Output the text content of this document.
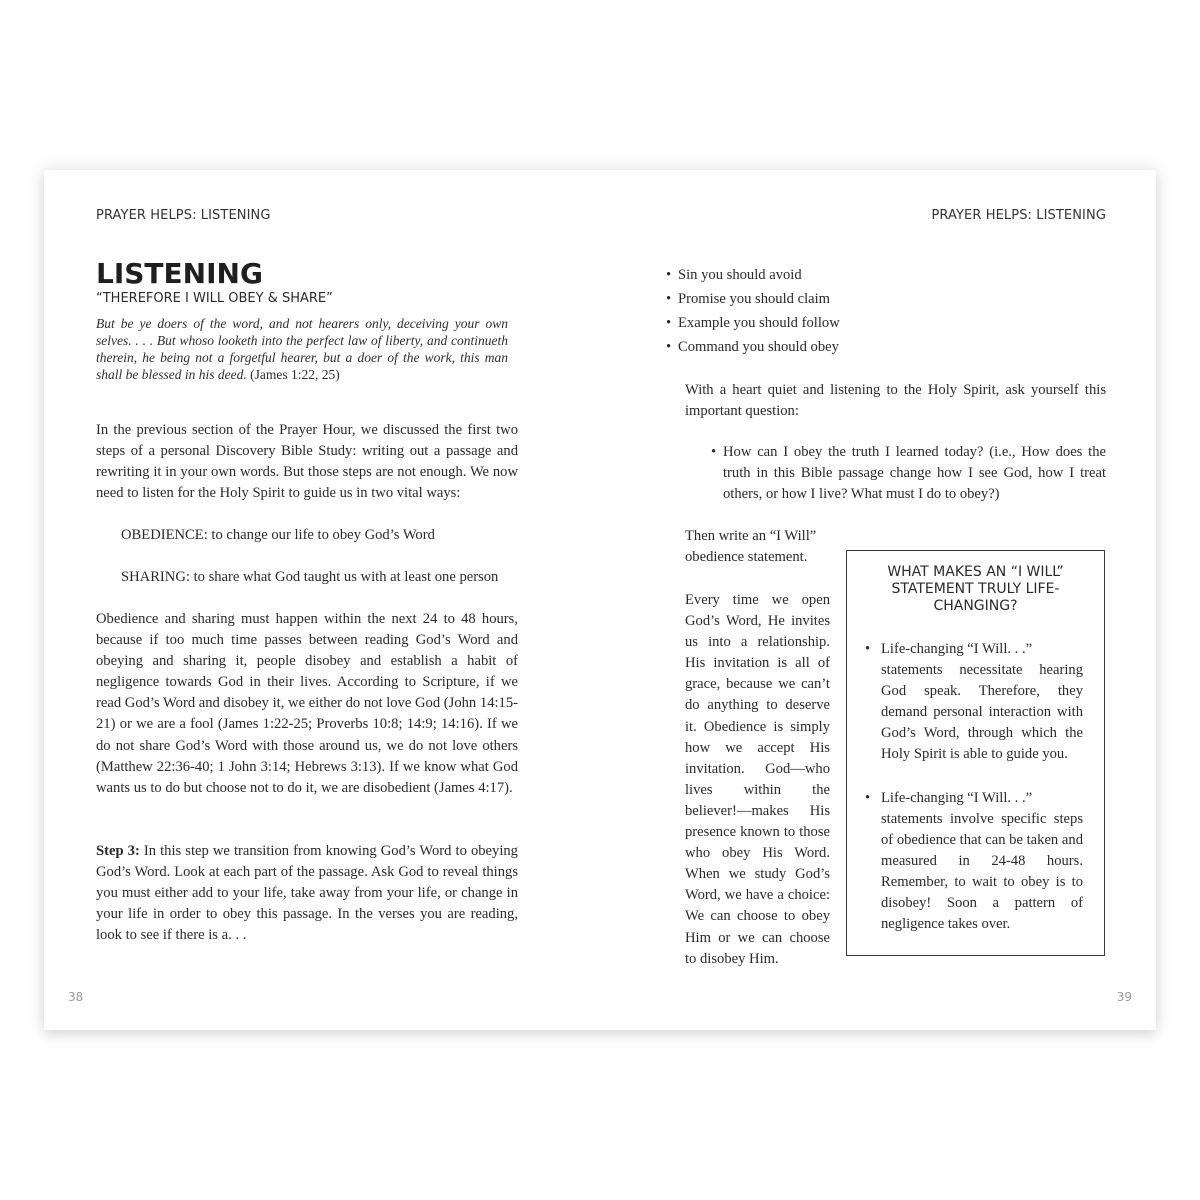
PRAYER HELPS: LISTENING
LISTENING
“THEREFORE I WILL OBEY & SHARE”
But be ye doers of the word, and not hearers only, deceiving your own selves. . . . But whoso looketh into the perfect law of liberty, and continueth therein, he being not a forgetful hearer, but a doer of the work, this man shall be blessed in his deed. (James 1:22, 25)

In the previous section of the Prayer Hour, we discussed the first two steps of a personal Discovery Bible Study: writing out a passage and rewriting it in your own words. But those steps are not enough. We now need to listen for the Holy Spirit to guide us in two vital ways:

OBEDIENCE: to change our life to obey God’s Word
SHARING: to share what God taught us with at least one person

Obedience and sharing must happen within the next 24 to 48 hours, because if too much time passes between reading God’s Word and obeying and sharing it, people disobey and establish a habit of negligence towards God in their lives. According to Scripture, if we read God’s Word and disobey it, we either do not love God (John 14:15-21) or we are a fool (James 1:22-25; Proverbs 10:8; 14:9; 14:16). If we do not share God’s Word with those around us, we do not love others (Matthew 22:36-40; 1 John 3:14; Hebrews 3:13). If we know what God wants us to do but choose not to do it, we are disobedient (James 4:17).

Step 3: In this step we transition from knowing God’s Word to obeying God’s Word. Look at each part of the passage. Ask God to reveal things you must either add to your life, take away from your life, or change in your life in order to obey this passage. In the verses you are reading, look to see if there is a. . .

38
PRAYER HELPS: LISTENING
• Sin you should avoid
• Promise you should claim
• Example you should follow
• Command you should obey

With a heart quiet and listening to the Holy Spirit, ask yourself this important question:

• How can I obey the truth I learned today? (i.e., How does the truth in this Bible passage change how I see God, how I treat others, or how I live? What must I do to obey?)

Then write an “I Will” obedience statement.

Every time we open God’s Word, He invites us into a relationship. His invitation is all of grace, because we can’t do anything to deserve it. Obedience is simply how we accept His invitation. God—who lives within the believer!—makes His presence known to those who obey His Word. When we study God’s Word, we have a choice: We can choose to obey Him or we can choose to disobey Him.

WHAT MAKES AN “I WILL” STATEMENT TRULY LIFE-CHANGING?
• Life-changing “I Will. . .”
statements necessitate hearing God speak. Therefore, they demand personal interaction with God’s Word, through which the Holy Spirit is able to guide you.
• Life-changing “I Will. . .”
statements involve specific steps of obedience that can be taken and measured in 24-48 hours. Remember, to wait to obey is to disobey! Soon a pattern of negligence takes over.
39
